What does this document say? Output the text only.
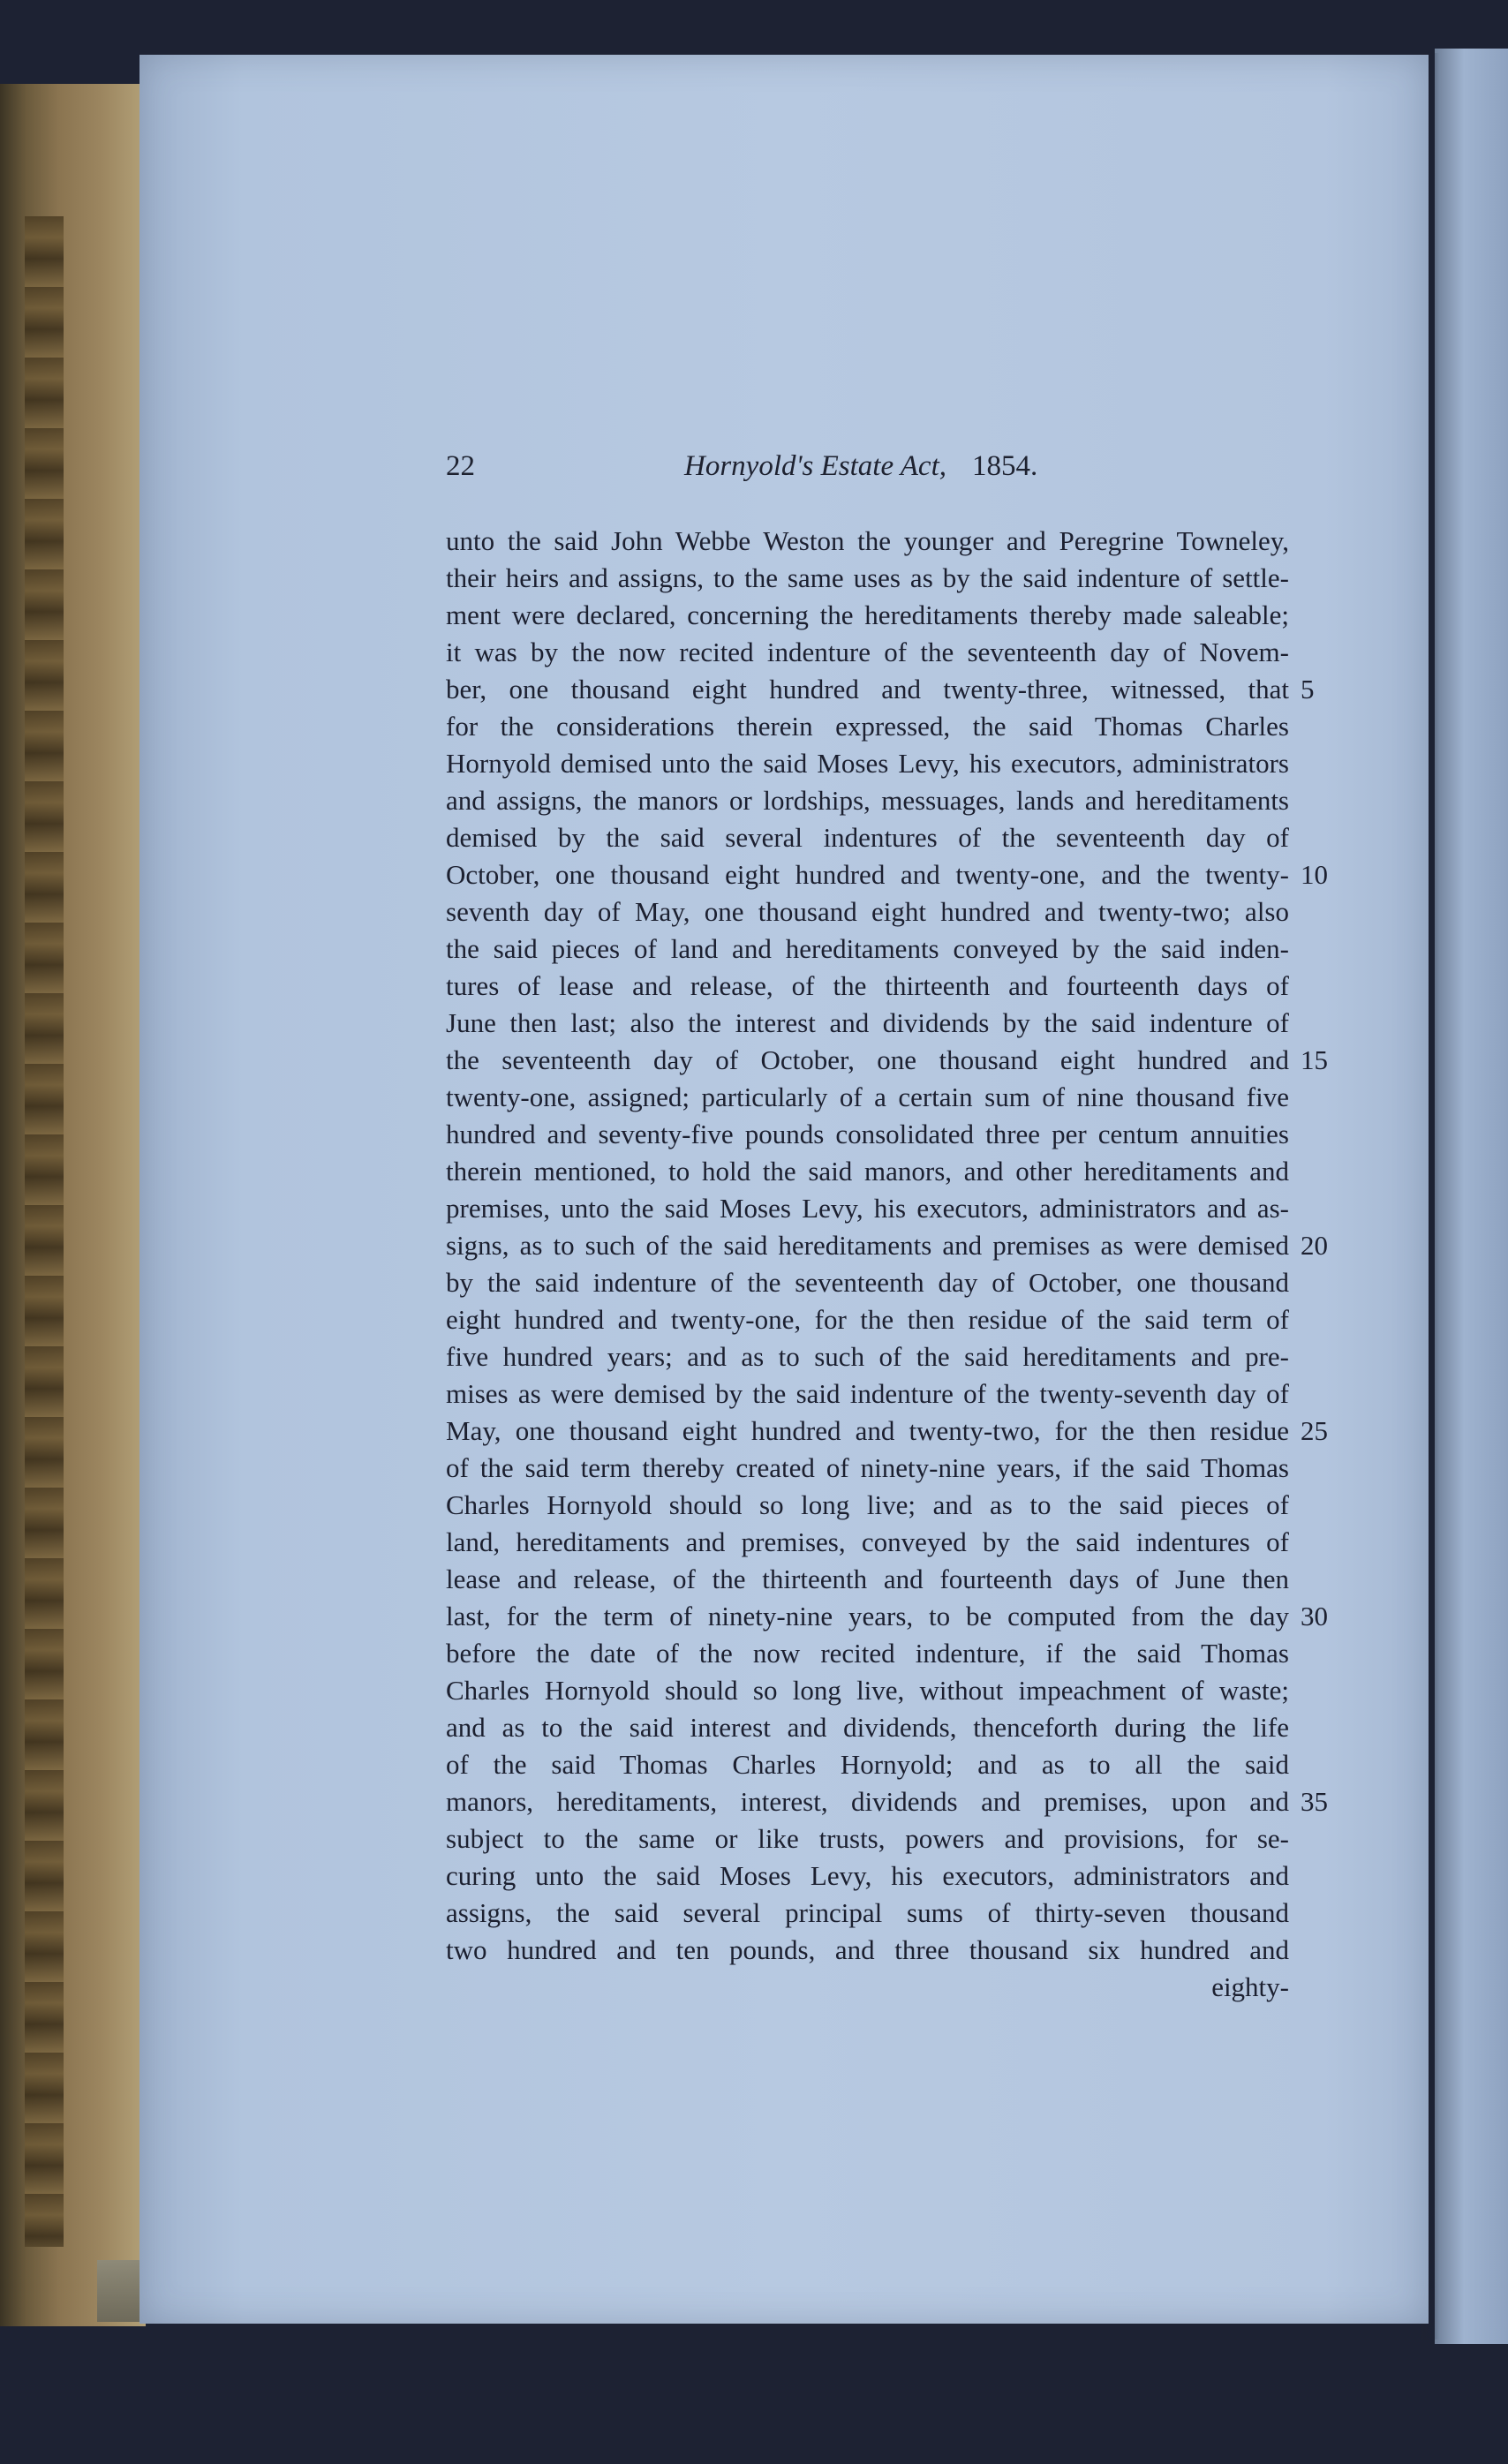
22	Hornyold's Estate Act, 1854.
unto the said John Webbe Weston the younger and Peregrine Towneley,
their heirs and assigns, to the same uses as by the said indenture of settle-
ment were declared, concerning the hereditaments thereby made saleable;
it was by the now recited indenture of the seventeenth day of Novem-
ber, one thousand eight hundred and twenty-three, witnessed, that 5
for the considerations therein expressed, the said Thomas Charles
Hornyold demised unto the said Moses Levy, his executors, administrators
and assigns, the manors or lordships, messuages, lands and hereditaments
demised by the said several indentures of the seventeenth day of
October, one thousand eight hundred and twenty-one, and the twenty- 10
seventh day of May, one thousand eight hundred and twenty-two; also
the said pieces of land and hereditaments conveyed by the said inden-
tures of lease and release, of the thirteenth and fourteenth days of
June then last; also the interest and dividends by the said indenture of
the seventeenth day of October, one thousand eight hundred and 15
twenty-one, assigned; particularly of a certain sum of nine thousand five
hundred and seventy-five pounds consolidated three per centum annuities
therein mentioned, to hold the said manors, and other hereditaments and
premises, unto the said Moses Levy, his executors, administrators and as-
signs, as to such of the said hereditaments and premises as were demised 20
by the said indenture of the seventeenth day of October, one thousand
eight hundred and twenty-one, for the then residue of the said term of
five hundred years; and as to such of the said hereditaments and pre-
mises as were demised by the said indenture of the twenty-seventh day of
May, one thousand eight hundred and twenty-two, for the then residue 25
of the said term thereby created of ninety-nine years, if the said Thomas
Charles Hornyold should so long live; and as to the said pieces of
land, hereditaments and premises, conveyed by the said indentures of
lease and release, of the thirteenth and fourteenth days of June then
last, for the term of ninety-nine years, to be computed from the day 30
before the date of the now recited indenture, if the said Thomas
Charles Hornyold should so long live, without impeachment of waste;
and as to the said interest and dividends, thenceforth during the life
of the said Thomas Charles Hornyold; and as to all the said
manors, hereditaments, interest, dividends and premises, upon and 35
subject to the same or like trusts, powers and provisions, for se-
curing unto the said Moses Levy, his executors, administrators and
assigns, the said several principal sums of thirty-seven thousand
two hundred and ten pounds, and three thousand six hundred and
eighty-
